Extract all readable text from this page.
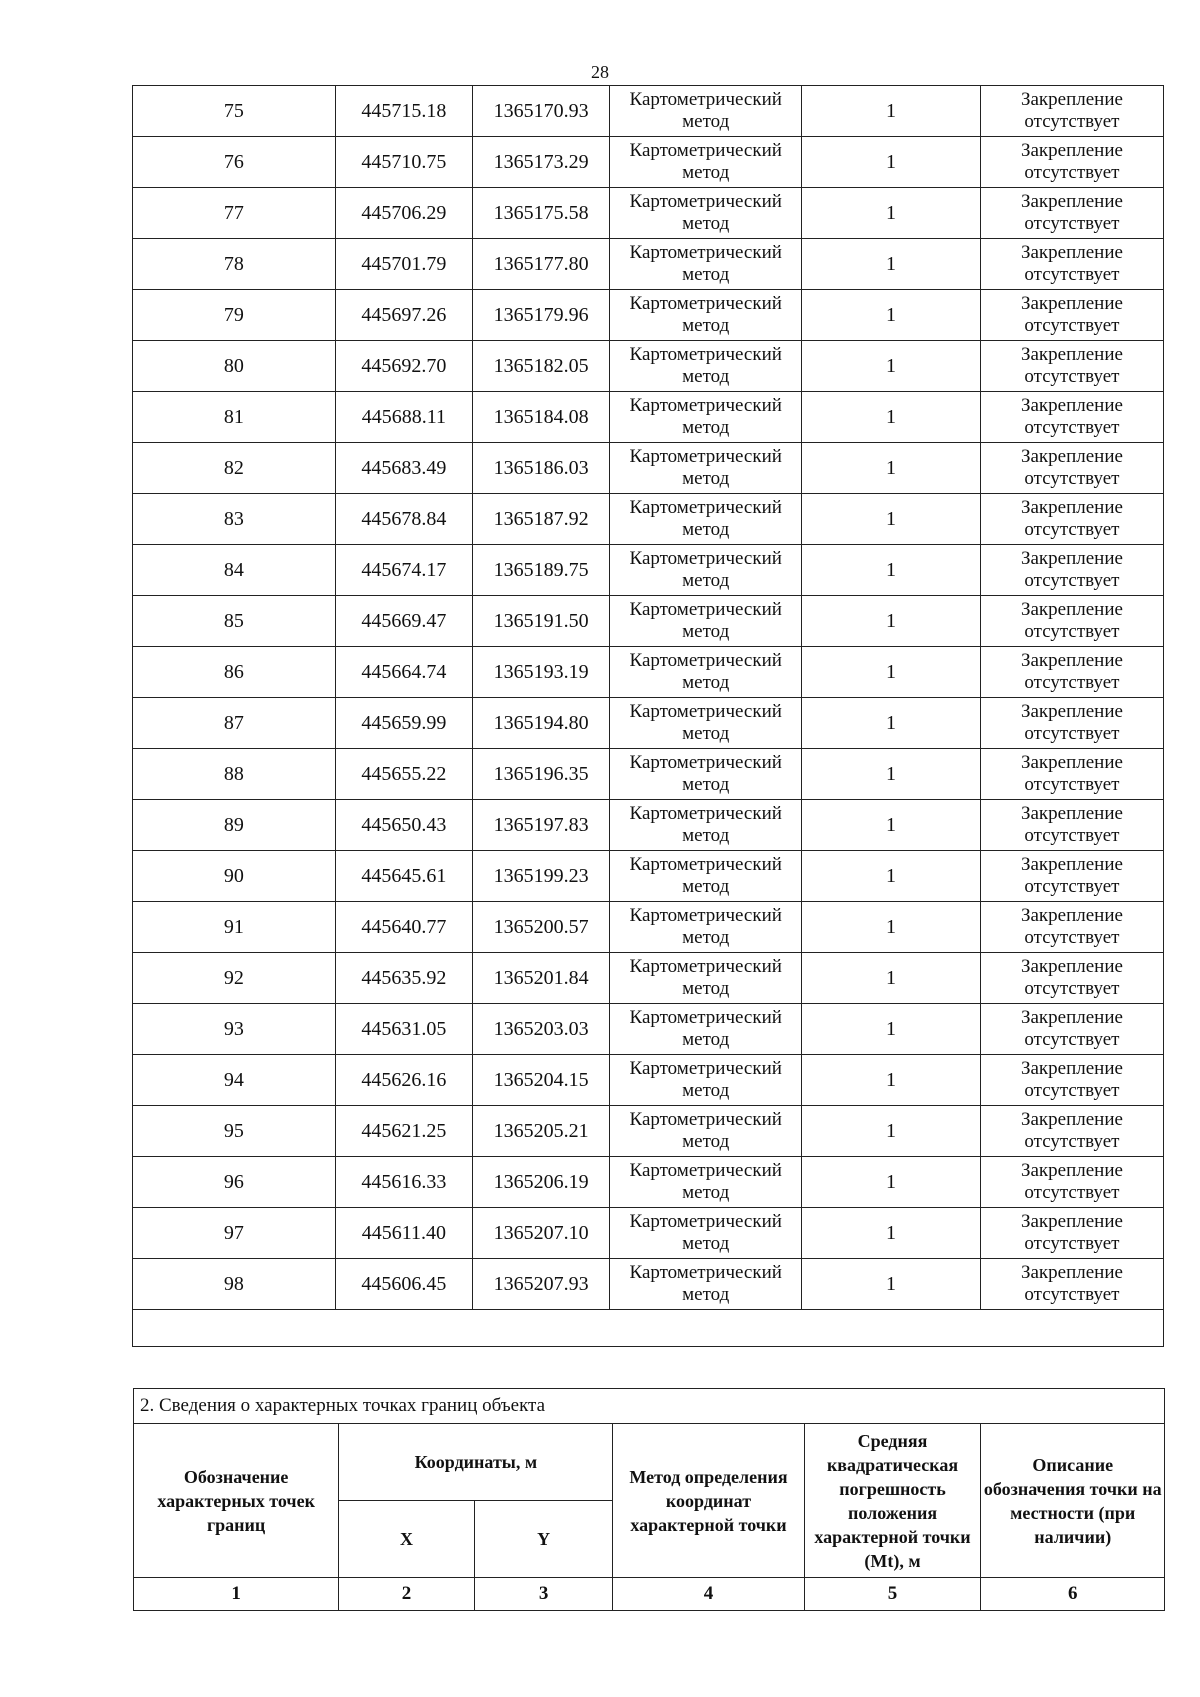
28
75	445715.18	1365170.93	Картометрический метод	1	Закрепление отсутствует
76	445710.75	1365173.29	Картометрический метод	1	Закрепление отсутствует
77	445706.29	1365175.58	Картометрический метод	1	Закрепление отсутствует
78	445701.79	1365177.80	Картометрический метод	1	Закрепление отсутствует
79	445697.26	1365179.96	Картометрический метод	1	Закрепление отсутствует
80	445692.70	1365182.05	Картометрический метод	1	Закрепление отсутствует
81	445688.11	1365184.08	Картометрический метод	1	Закрепление отсутствует
82	445683.49	1365186.03	Картометрический метод	1	Закрепление отсутствует
83	445678.84	1365187.92	Картометрический метод	1	Закрепление отсутствует
84	445674.17	1365189.75	Картометрический метод	1	Закрепление отсутствует
85	445669.47	1365191.50	Картометрический метод	1	Закрепление отсутствует
86	445664.74	1365193.19	Картометрический метод	1	Закрепление отсутствует
87	445659.99	1365194.80	Картометрический метод	1	Закрепление отсутствует
88	445655.22	1365196.35	Картометрический метод	1	Закрепление отсутствует
89	445650.43	1365197.83	Картометрический метод	1	Закрепление отсутствует
90	445645.61	1365199.23	Картометрический метод	1	Закрепление отсутствует
91	445640.77	1365200.57	Картометрический метод	1	Закрепление отсутствует
92	445635.92	1365201.84	Картометрический метод	1	Закрепление отсутствует
93	445631.05	1365203.03	Картометрический метод	1	Закрепление отсутствует
94	445626.16	1365204.15	Картометрический метод	1	Закрепление отсутствует
95	445621.25	1365205.21	Картометрический метод	1	Закрепление отсутствует
96	445616.33	1365206.19	Картометрический метод	1	Закрепление отсутствует
97	445611.40	1365207.10	Картометрический метод	1	Закрепление отсутствует
98	445606.45	1365207.93	Картометрический метод	1	Закрепление отсутствует

2. Сведения о характерных точках границ объекта					
Обозначение характерных точек границ	Координаты, м		Метод определения координат характерной точки	Средняя квадратическая погрешность положения характерной точки (Mt), м	Описание обозначения точки на местности (при наличии)
	X	Y			
1	2	3	4	5	6
